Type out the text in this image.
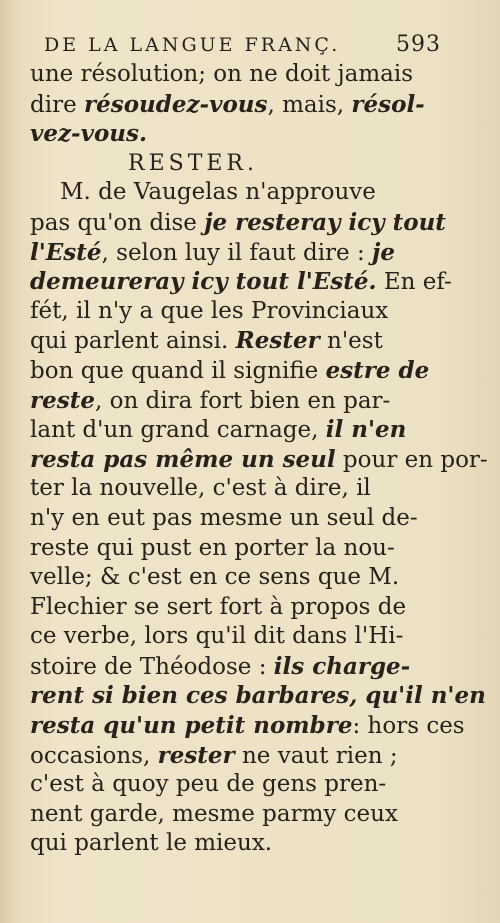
DE LA LANGUE FRANÇ.	593
une résolution; on ne doit jamais
dire résoudez-vous, mais, résol-
vez-vous.
RESTER.
M. de Vaugelas n'approuve
pas qu'on dise je resteray icy tout
l'Esté, selon luy il faut dire : je
demeureray icy tout l'Esté. En ef-
fét, il n'y a que les Provinciaux
qui parlent ainsi. Rester n'est
bon que quand il signifie estre de
reste, on dira fort bien en par-
lant d'un grand carnage, il n'en
resta pas même un seul pour en por-
ter la nouvelle, c'est à dire, il
n'y en eut pas mesme un seul de-
reste qui pust en porter la nou-
velle; & c'est en ce sens que M.
Flechier se sert fort à propos de
ce verbe, lors qu'il dit dans l'Hi-
stoire de Théodose : ils charge-
rent si bien ces barbares, qu'il n'en
resta qu'un petit nombre: hors ces
occasions, rester ne vaut rien ;
c'est à quoy peu de gens pren-
nent garde, mesme parmy ceux
qui parlent le mieux.
